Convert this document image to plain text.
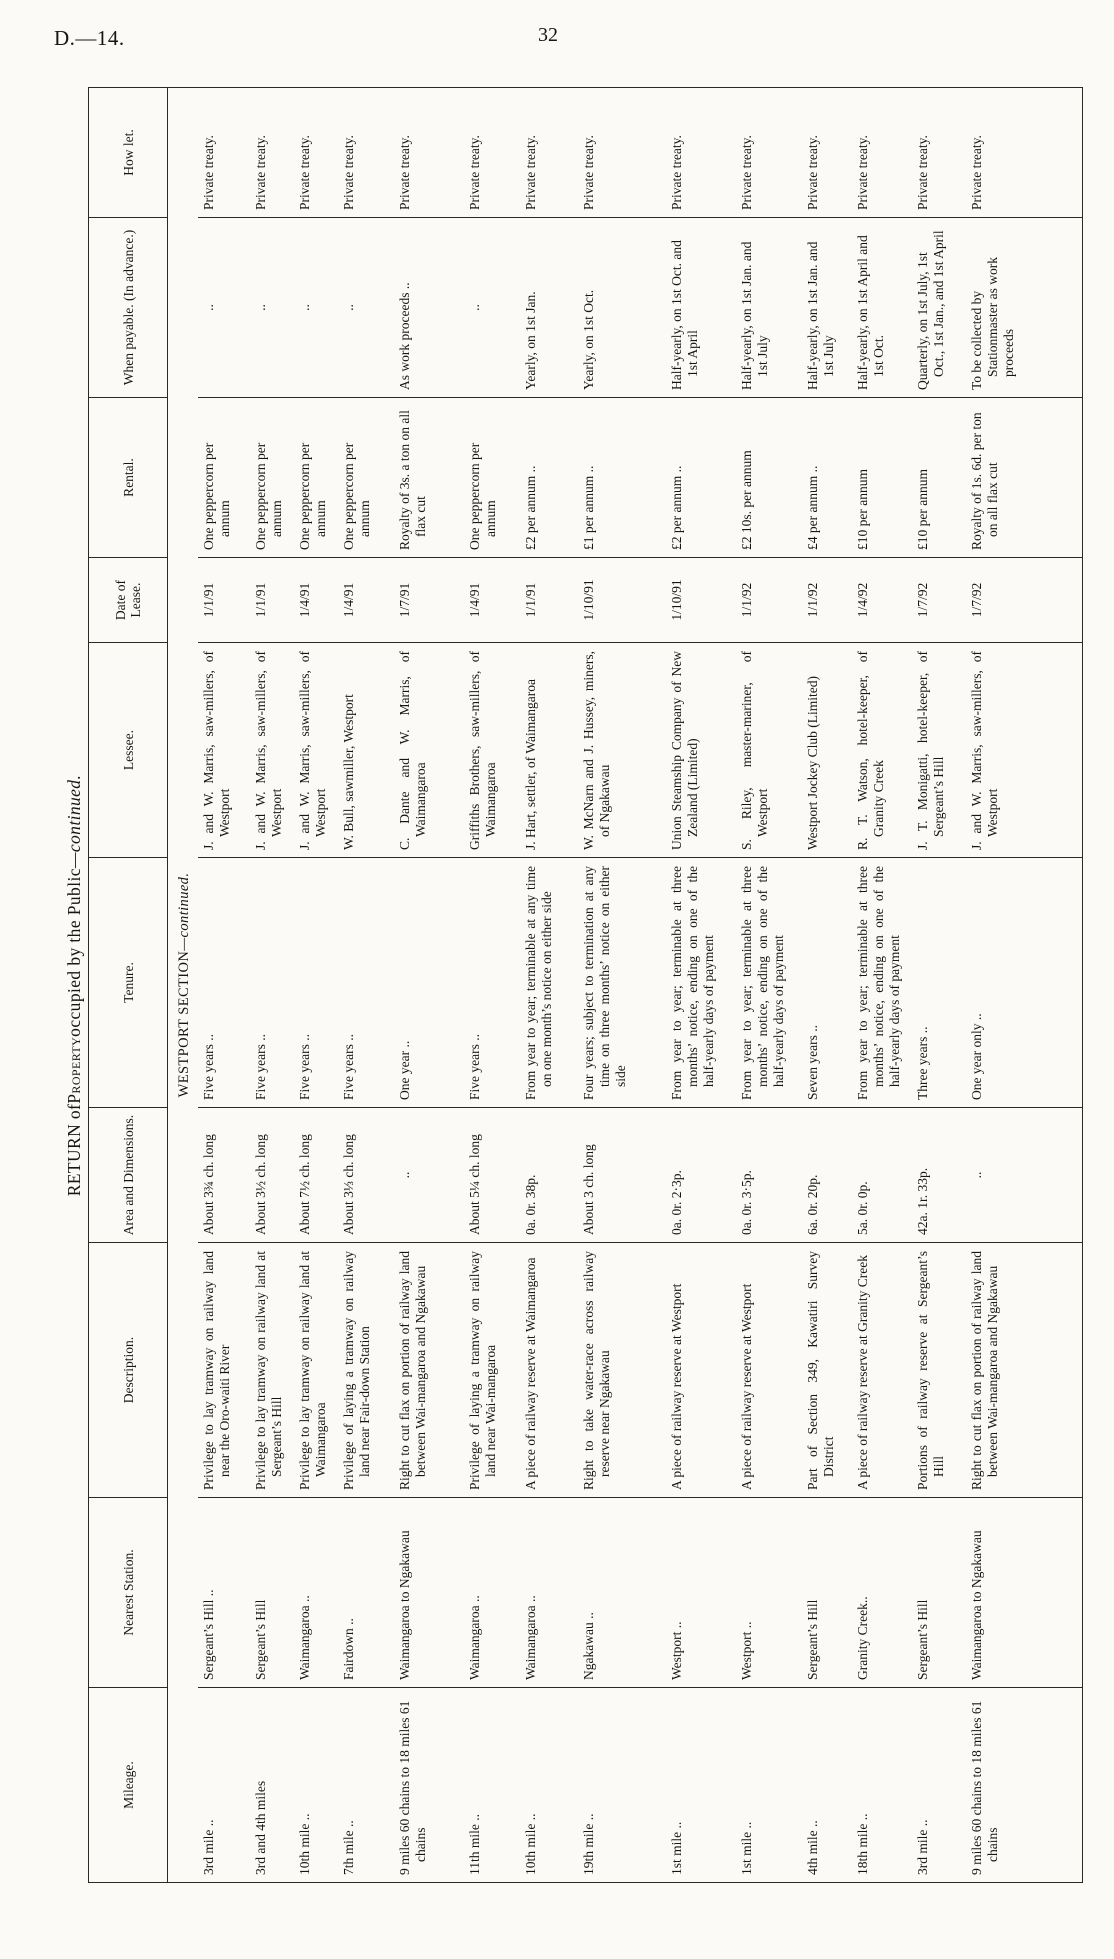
D.—14.	32
RETURN of
Property
occupied by the Public
—continued.
Mileage.	Nearest Station.	Description.	Area and Dimensions.	Tenure.	Lessee.	Date of Lease.	Rental.	When payable. (In advance.)	How let.
WESTPORT SECTION—continued.									
3rd mile ..	Sergeant’s Hill ..	Privilege to lay tramway on railway land near the Oro-waiti River	About 3¾ ch. long	Five years ..	J. and W. Marris, saw-millers, of Westport	1/1/91	One peppercorn per annum	..	Private treaty.
3rd and 4th miles	Sergeant’s Hill	Privilege to lay tramway on railway land at Sergeant’s Hill	About 3½ ch. long	Five years ..	J. and W. Marris, saw-millers, of Westport	1/1/91	One peppercorn per annum	..	Private treaty.
10th mile ..	Waimangaroa ..	Privilege to lay tramway on railway land at Waimangaroa	About 7½ ch. long	Five years ..	J. and W. Marris, saw-millers, of Westport	1/4/91	One peppercorn per annum	..	Private treaty.
7th mile ..	Fairdown ..	Privilege of laying a tramway on railway land near Fair-down Station	About 3⅓ ch. long	Five years ..	W. Bull, sawmiller, Westport	1/4/91	One peppercorn per annum	..	Private treaty.
9 miles 60 chains to 18 miles 61 chains	Waimangaroa to Ngakawau	Right to cut flax on portion of railway land between Wai-mangaroa and Ngakawau	..	One year ..	C. Dante and W. Marris, of Waimangaroa	1/7/91	Royalty of 3s. a ton on all flax cut	As work proceeds ..	Private treaty.
11th mile ..	Waimangaroa ..	Privilege of laying a tramway on railway land near Wai-mangaroa	About 5¼ ch. long	Five years ..	Griffiths Brothers, saw-millers, of Waimangaroa	1/4/91	One peppercorn per annum	..	Private treaty.
10th mile ..	Waimangaroa ..	A piece of railway reserve at Waimangaroa	0a. 0r. 38p.	From year to year; terminable at any time on one month’s notice on either side	J. Hart, settler, of Waimangaroa	1/1/91	£2 per annum ..	Yearly, on 1st Jan.	Private treaty.
19th mile ..	Ngakawau ..	Right to take water-race across railway reserve near Ngakawau	About 3 ch. long	Four years; subject to termination at any time on three months’ notice on either side	W. McNarn and J. Hussey, miners, of Ngakawau	1/10/91	£1 per annum ..	Yearly, on 1st Oct.	Private treaty.
1st mile ..	Westport ..	A piece of railway reserve at Westport	0a. 0r. 2·3p.	From year to year; terminable at three months’ notice, ending on one of the half-yearly days of payment	Union Steamship Company of New Zealand (Limited)	1/10/91	£2 per annum ..	Half-yearly, on 1st Oct. and 1st April	Private treaty.
1st mile ..	Westport ..	A piece of railway reserve at Westport	0a. 0r. 3·5p.	From year to year; terminable at three months’ notice, ending on one of the half-yearly days of payment	S. Riley, master-mariner, of Westport	1/1/92	£2 10s. per annum	Half-yearly, on 1st Jan. and 1st July	Private treaty.
4th mile ..	Sergeant’s Hill	Part of Section 349, Kawatiri Survey District	6a. 0r. 20p.	Seven years ..	Westport Jockey Club (Limited)	1/1/92	£4 per annum ..	Half-yearly, on 1st Jan. and 1st July	Private treaty.
18th mile ..	Granity Creek..	A piece of railway reserve at Granity Creek	5a. 0r. 0p.	From year to year; terminable at three months’ notice, ending on one of the half-yearly days of payment	R. T. Watson, hotel-keeper, of Granity Creek	1/4/92	£10 per annum	Half-yearly, on 1st April and 1st Oct.	Private treaty.
3rd mile ..	Sergeant’s Hill	Portions of railway reserve at Sergeant’s Hill	42a. 1r. 33p.	Three years ..	J. T. Monigatti, hotel-keeper, of Sergeant’s Hill	1/7/92	£10 per annum	Quarterly, on 1st July, 1st Oct., 1st Jan., and 1st April	Private treaty.
9 miles 60 chains to 18 miles 61 chains	Waimangaroa to Ngakawau	Right to cut flax on portion of railway land between Wai-mangaroa and Ngakawau	..	One year only ..	J. and W. Marris, saw-millers, of Westport	1/7/92	Royalty of 1s. 6d. per ton on all flax cut	To be collected by Stationmaster as work proceeds	Private treaty.
